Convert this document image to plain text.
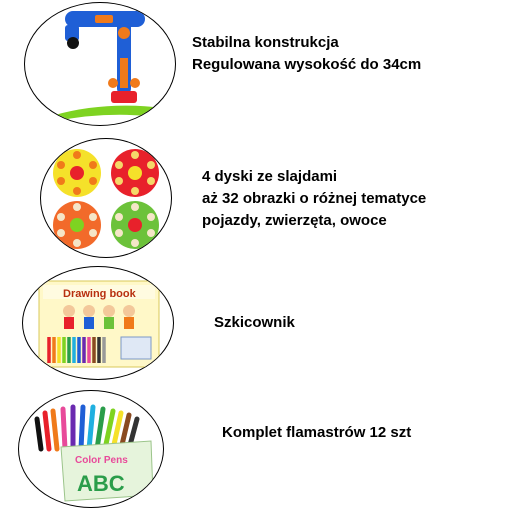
Stabilna konstrukcja
Regulowana wysokość do 34cm
4 dyski ze slajdami
aż 32 obrazki o różnej tematyce
pojazdy, zwierzęta, owoce
Drawing book
Szkicownik
Color Pens
ABC
Komplet flamastrów 12 szt
